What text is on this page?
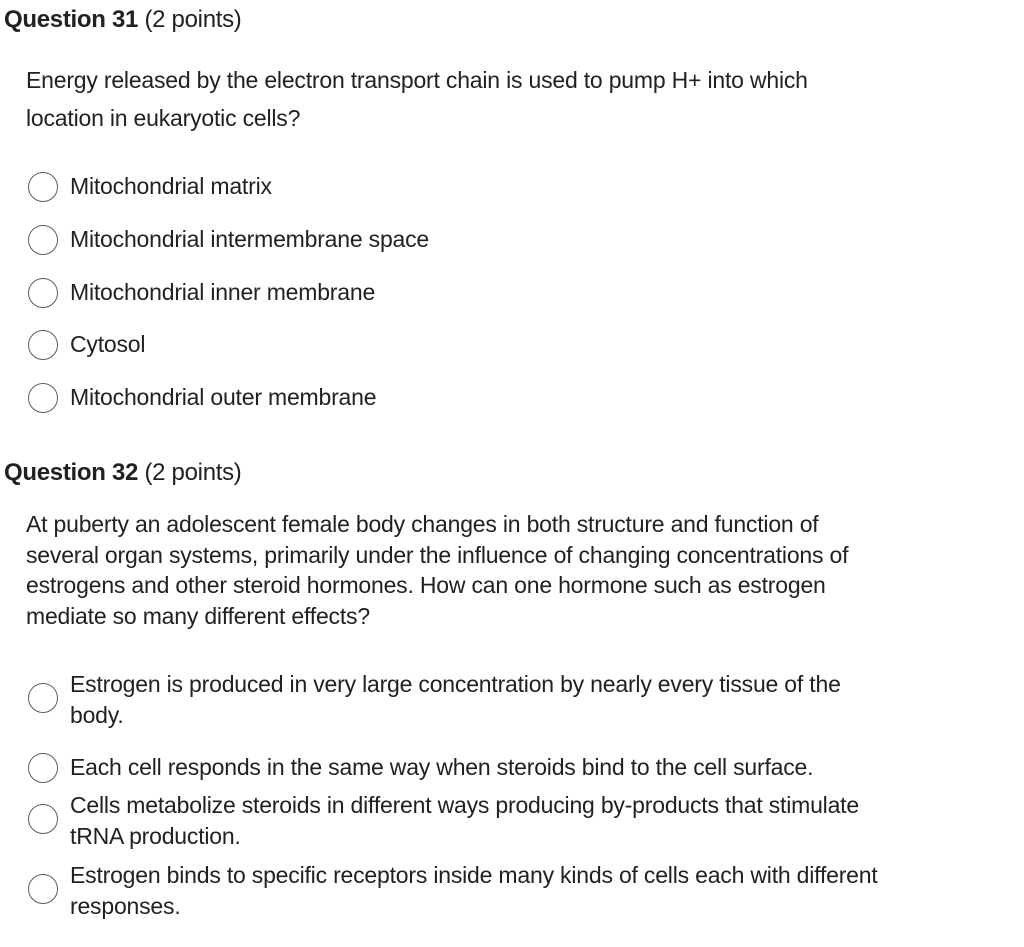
Question 31 (2 points)
Energy released by the electron transport chain is used to pump H+ into which
location in eukaryotic cells?
Mitochondrial matrix
Mitochondrial intermembrane space
Mitochondrial inner membrane
Cytosol
Mitochondrial outer membrane
Question 32 (2 points)
At puberty an adolescent female body changes in both structure and function of
several organ systems, primarily under the influence of changing concentrations of
estrogens and other steroid hormones. How can one hormone such as estrogen
mediate so many different effects?
Estrogen is produced in very large concentration by nearly every tissue of the
body.
Each cell responds in the same way when steroids bind to the cell surface.
Cells metabolize steroids in different ways producing by-products that stimulate
tRNA production.
Estrogen binds to specific receptors inside many kinds of cells each with different
responses.
